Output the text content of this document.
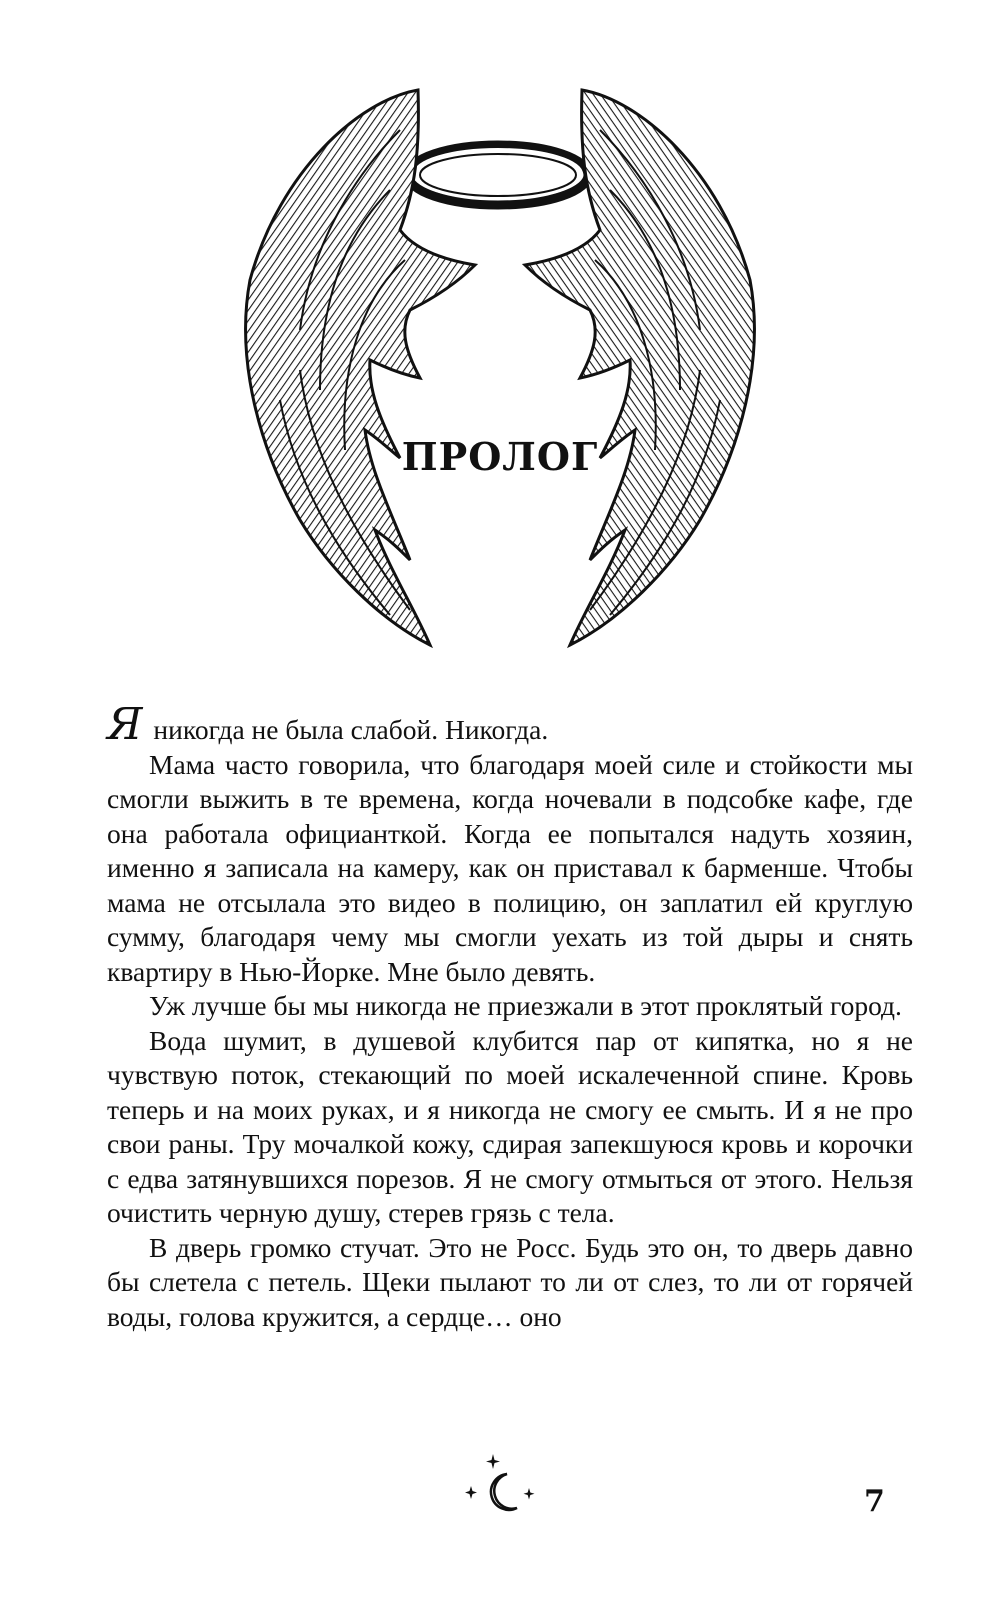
ПРОЛОГ

Я никогда не была слабой. Никогда.

Мама часто говорила, что благодаря моей силе и стойкости мы смогли выжить в те времена, когда ночевали в подсобке кафе, где она работала официанткой. Когда ее попытался надуть хозяин, именно я записала на камеру, как он приставал к барменше. Чтобы мама не отсылала это видео в полицию, он заплатил ей круглую сумму, благодаря чему мы смогли уехать из той дыры и снять квартиру в Нью-Йорке. Мне было девять.

Уж лучше бы мы никогда не приезжали в этот проклятый город.

Вода шумит, в душевой клубится пар от кипятка, но я не чувствую поток, стекающий по моей искалеченной спине. Кровь теперь и на моих руках, и я никогда не смогу ее смыть. И я не про свои раны. Тру мочалкой кожу, сдирая запекшуюся кровь и корочки с едва затянувшихся порезов. Я не смогу отмыться от этого. Нельзя очистить черную душу, стерев грязь с тела.

В дверь громко стучат. Это не Росс. Будь это он, то дверь давно бы слетела с петель. Щеки пылают то ли от слез, то ли от горячей воды, голова кружится, а сердце… оно

7
